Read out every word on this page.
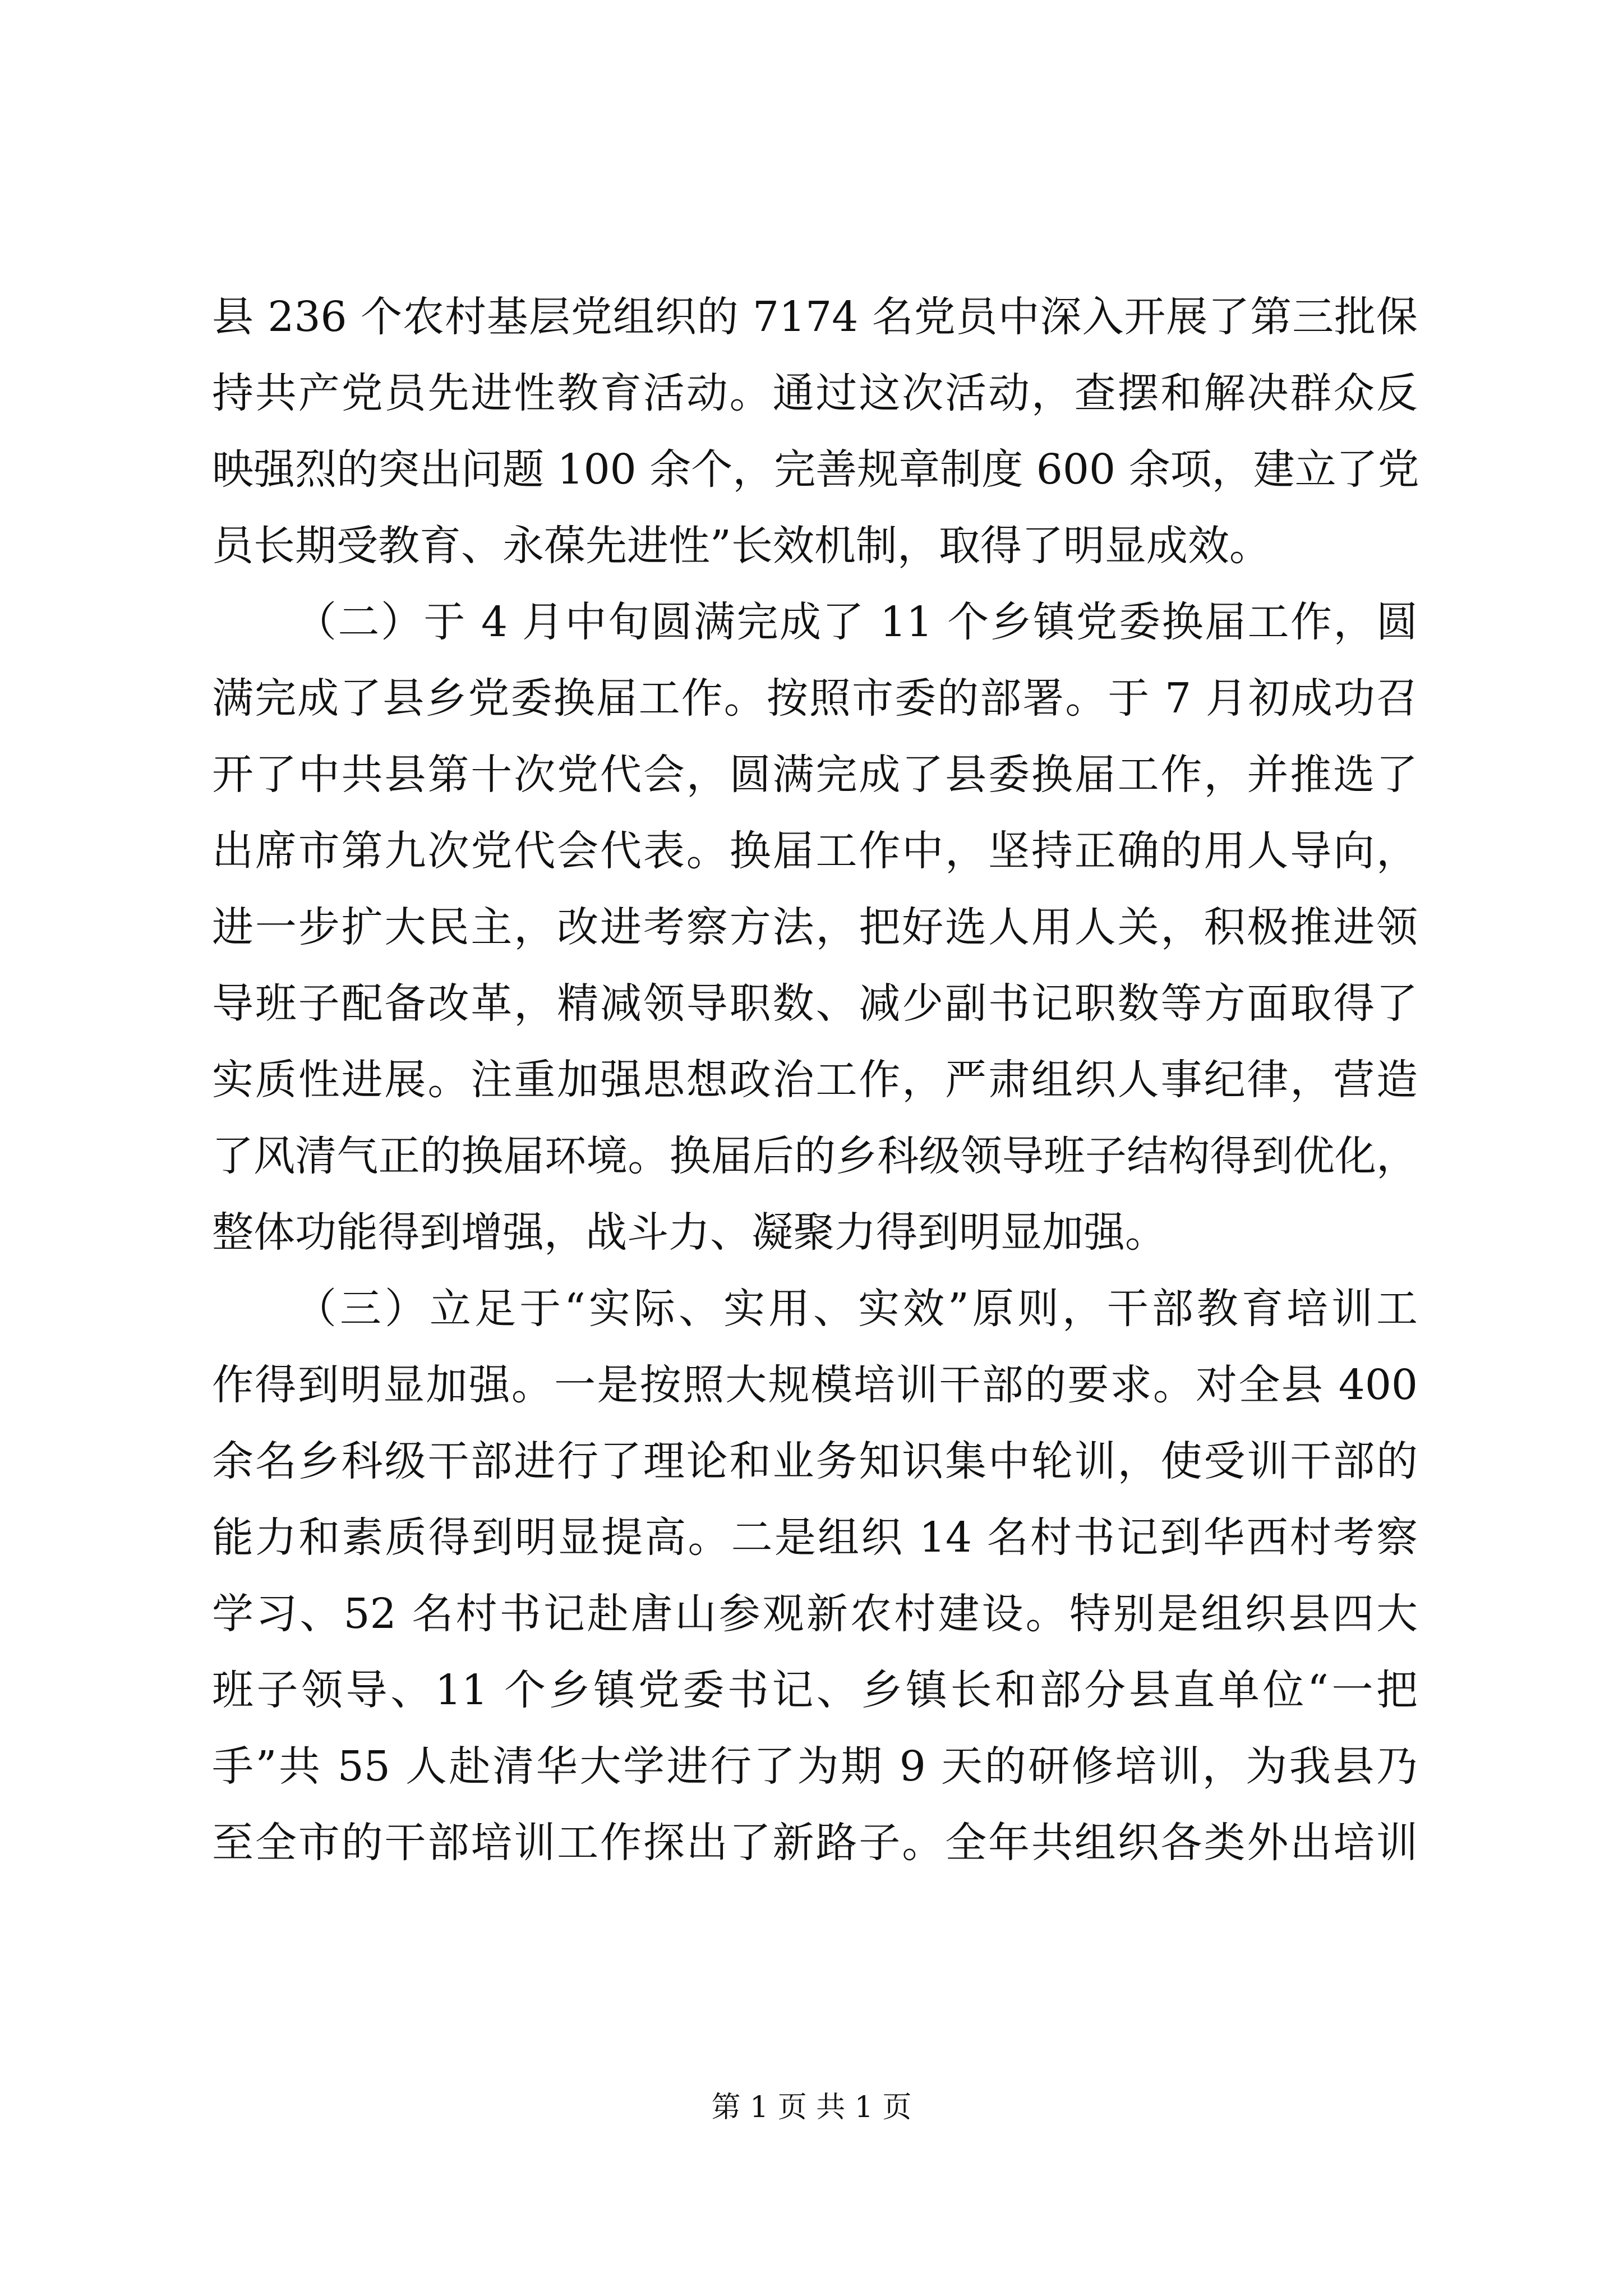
县 236 个农村基层党组织的 7174 名党员中深入开展了第三批保
持共产党员先进性教育活动。通过这次活动，查摆和解决群众反
映强烈的突出问题 100 余个，完善规章制度 600 余项，建立了党
员长期受教育、永葆先进性”长效机制，取得了明显成效。
（二）于 4 月中旬圆满完成了 11 个乡镇党委换届工作，圆
满完成了县乡党委换届工作。按照市委的部署。于 7 月初成功召
开了中共县第十次党代会，圆满完成了县委换届工作，并推选了
出席市第九次党代会代表。换届工作中，坚持正确的用人导向，
进一步扩大民主，改进考察方法，把好选人用人关，积极推进领
导班子配备改革，精减领导职数、减少副书记职数等方面取得了
实质性进展。注重加强思想政治工作，严肃组织人事纪律，营造
了风清气正的换届环境。换届后的乡科级领导班子结构得到优化，
整体功能得到增强，战斗力、凝聚力得到明显加强。
（三）立足于“实际、实用、实效”原则，干部教育培训工
作得到明显加强。一是按照大规模培训干部的要求。对全县 400
余名乡科级干部进行了理论和业务知识集中轮训，使受训干部的
能力和素质得到明显提高。二是组织 14 名村书记到华西村考察
学习、52 名村书记赴唐山参观新农村建设。特别是组织县四大
班子领导、11 个乡镇党委书记、乡镇长和部分县直单位“一把
手”共 55 人赴清华大学进行了为期 9 天的研修培训，为我县乃
至全市的干部培训工作探出了新路子。全年共组织各类外出培训
第 1 页 共 1 页
